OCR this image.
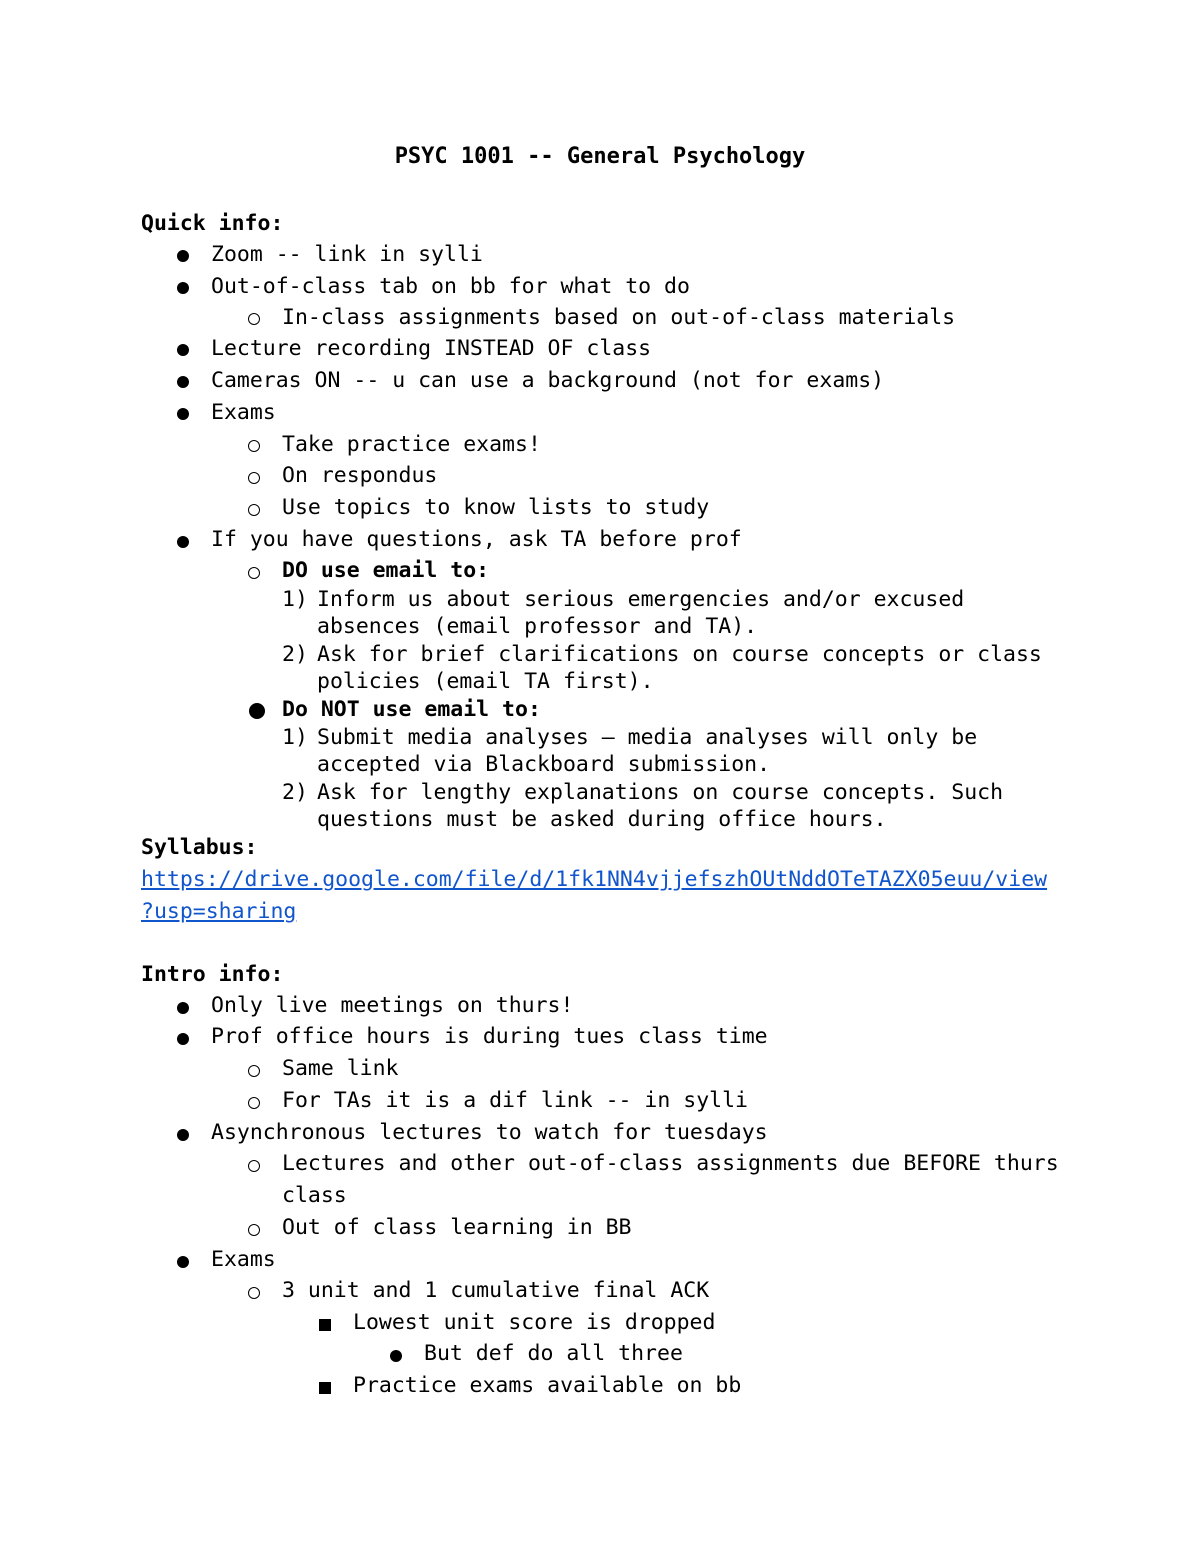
PSYC 1001 -- General Psychology
Quick info:
Zoom -- link in sylli
Out-of-class tab on bb for what to do
In-class assignments based on out-of-class materials
Lecture recording INSTEAD OF class
Cameras ON -- u can use a background (not for exams)
Exams
Take practice exams!
On respondus
Use topics to know lists to study
If you have questions, ask TA before prof
DO use email to:
1) Inform us about serious emergencies and/or excused
absences (email professor and TA).
2) Ask for brief clarifications on course concepts or class
policies (email TA first).
Do NOT use email to:
1) Submit media analyses – media analyses will only be
accepted via Blackboard submission.
2) Ask for lengthy explanations on course concepts. Such
questions must be asked during office hours.
Syllabus:
https://drive.google.com/file/d/1fk1NN4vjjefszhOUtNddOTeTAZX05euu/view
?usp=sharing
Intro info:
Only live meetings on thurs!
Prof office hours is during tues class time
Same link
For TAs it is a dif link -- in sylli
Asynchronous lectures to watch for tuesdays
Lectures and other out-of-class assignments due BEFORE thurs
class
Out of class learning in BB
Exams
3 unit and 1 cumulative final ACK
Lowest unit score is dropped
But def do all three
Practice exams available on bb
